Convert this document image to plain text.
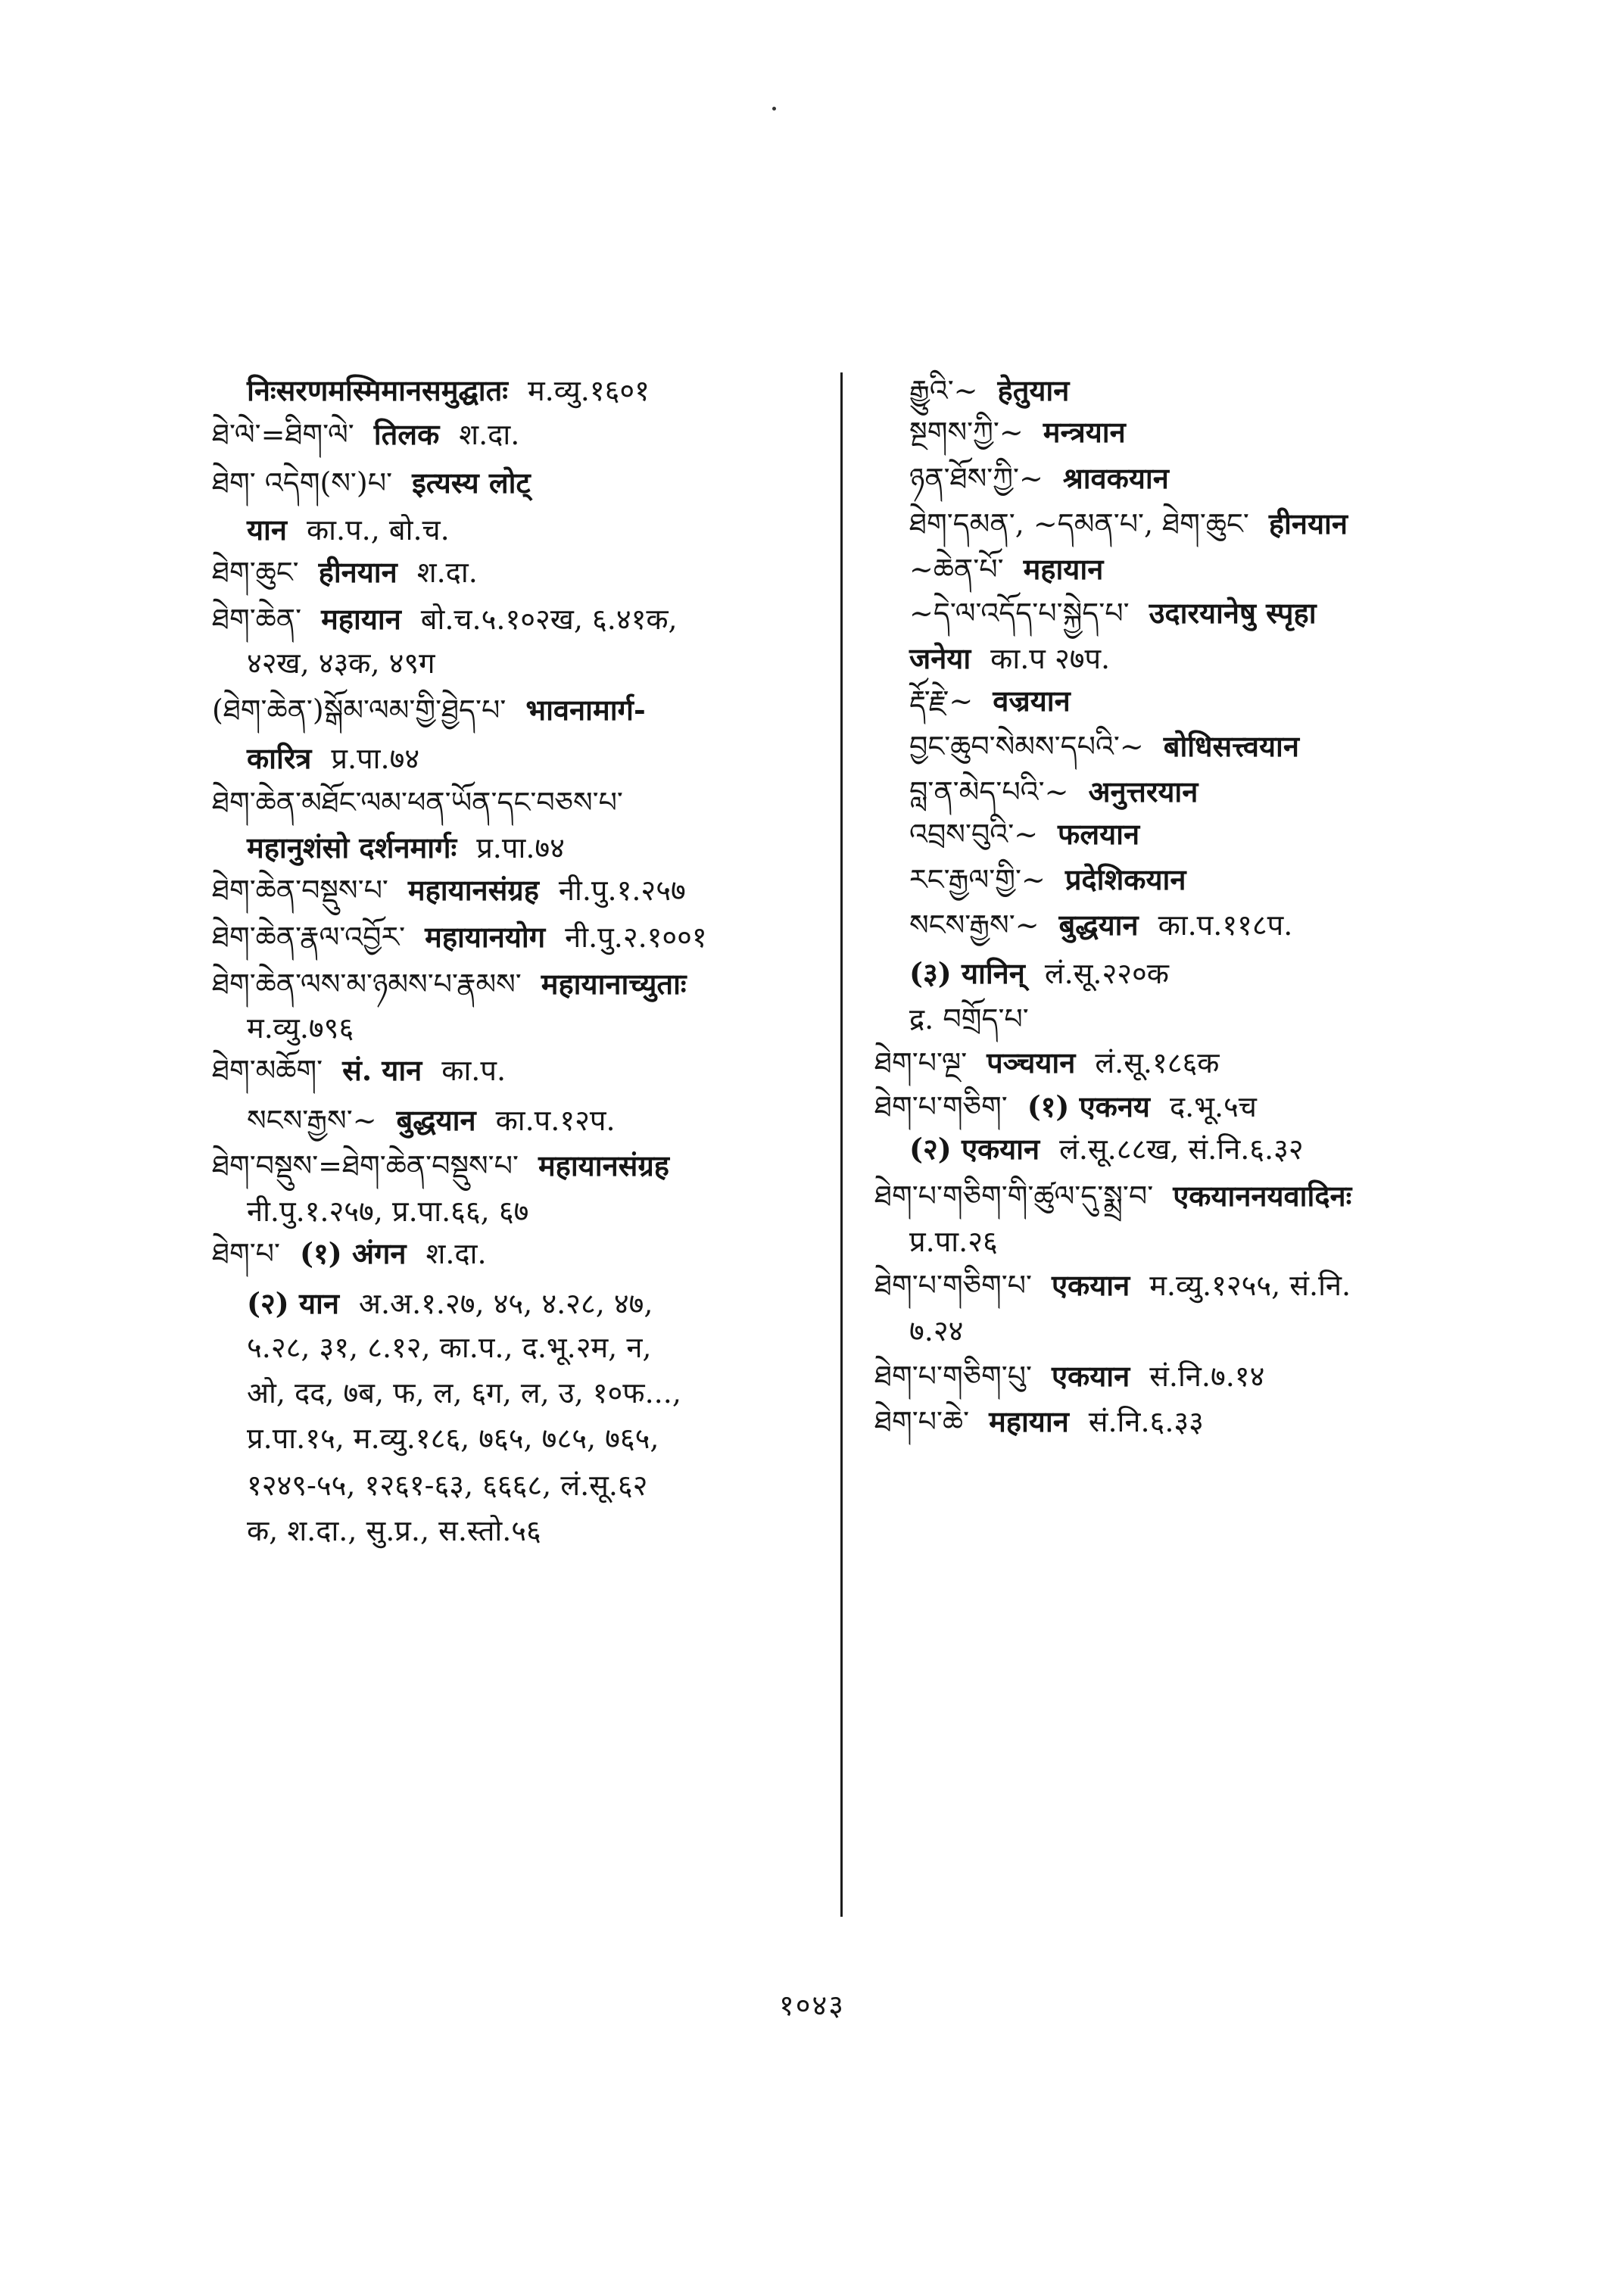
निःसरणमस्मिमानसमुद्घातः म.व्यु.१६०१
ཐེ་ལེ་=ཐིག་ལེ་ तिलक श.दा.
ཐེག་ འདེག(ས་)པ་ इत्यस्य लोट्
यान का.प., बो.च.
ཐེག་ཆུང་ हीनयान श.दा.
ཐེག་ཆེན་ महायान बो.च.५.१०२ख, ६.४१क,
४२ख, ४३क, ४९ग
(ཐེག་ཆེན་)སྒོམ་ལམ་གྱི་ཐྱེད་པ་ भावनामार्ग-
कारित्र प्र.पा.७४
ཐེག་ཆེན་མཐོང་ལམ་ཕན་ཡོན་དང་བཅས་པ་
महानुशंसो दर्शनमार्गः प्र.पा.७४
ཐེག་ཆེན་བསྡུས་པ་ महायानसंग्रह नी.पु.१.२५७
ཐེག་ཆེན་རྣལ་འབྱོར་ महायानयोग नी.पु.२.१००१
ཐེག་ཆེན་ལས་མ་ཉམས་པ་རྣམས་ महायानाच्युताः
म.व्यु.७९६
ཐེག་མཆོག་ सं. यान का.प.
སངས་རྒྱས་~ बुद्धयान का.प.१२प.
ཐེག་བསྡུས་=ཐེག་ཆེན་བསྡུས་པ་ महायानसंग्रह
नी.पु.१.२५७, प्र.पा.६६, ६७
ཐེག་པ་ (१) अंगन श.दा.
(२) यान अ.अ.१.२७, ४५, ४.२८, ४७,
५.२८, ३१, ८.१२, का.प., द.भू.२म, न,
ओ, दद, ७ब, फ, ल, ६ग, ल, उ, १०फ...,
प्र.पा.१५, म.व्यु.१८६, ७६५, ७८५, ७६५,
१२४९-५५, १२६१-६३, ६६६८, लं.सू.६२
क, श.दा., सु.प्र., स.स्तो.५६
རྒྱུའི་~ हेतुयान
སྔགས་ཀྱི་~ मन्त्रयान
ཉན་ཐོས་ཀྱི་~ श्रावकयान
ཐེག་དམན་, ~དམན་པ་, ཐེག་ཆུང་ हीनयान
~ཆེན་པོ་ महायान
~དེ་ལ་འདོད་པ་སྐྱེད་པ་ उदारयानेषु स्पृहा
जनेया का.प २७प.
རྡོ་རྗེ་~ वज्रयान
བྱང་ཆུབ་སེམས་དཔའི་~ बोधिसत्त्वयान
བླ་ན་མེད་པའི་~ अनुत्तरयान
འབྲས་བུའི་~ फलयान
རང་རྒྱལ་གྱི་~ प्रदेशिकयान
སངས་རྒྱས་~ बुद्धयान का.प.११८प.
(३) यानिन् लं.सू.२२०क
द्र. བགྲོད་པ་
ཐེག་པ་ལྔ་ पञ्चयान लं.सू.१८६क
ཐེག་པ་གཅིག་ (१) एकनय द.भू.५च
(२) एकयान लं.सू.८८ख, सं.नि.६.३२
ཐེག་པ་གཅིག་གི་ཚུལ་དུ་སྨྲ་བ་ एकयाननयवादिनः
प्र.पा.२६
ཐེག་པ་གཅིག་པ་ एकयान म.व्यु.१२५५, सं.नि.
७.२४
ཐེག་པ་གཅིག་པུ་ एकयान सं.नि.७.१४
ཐེག་པ་ཆེ་ महायान सं.नि.६.३३
१०४३
